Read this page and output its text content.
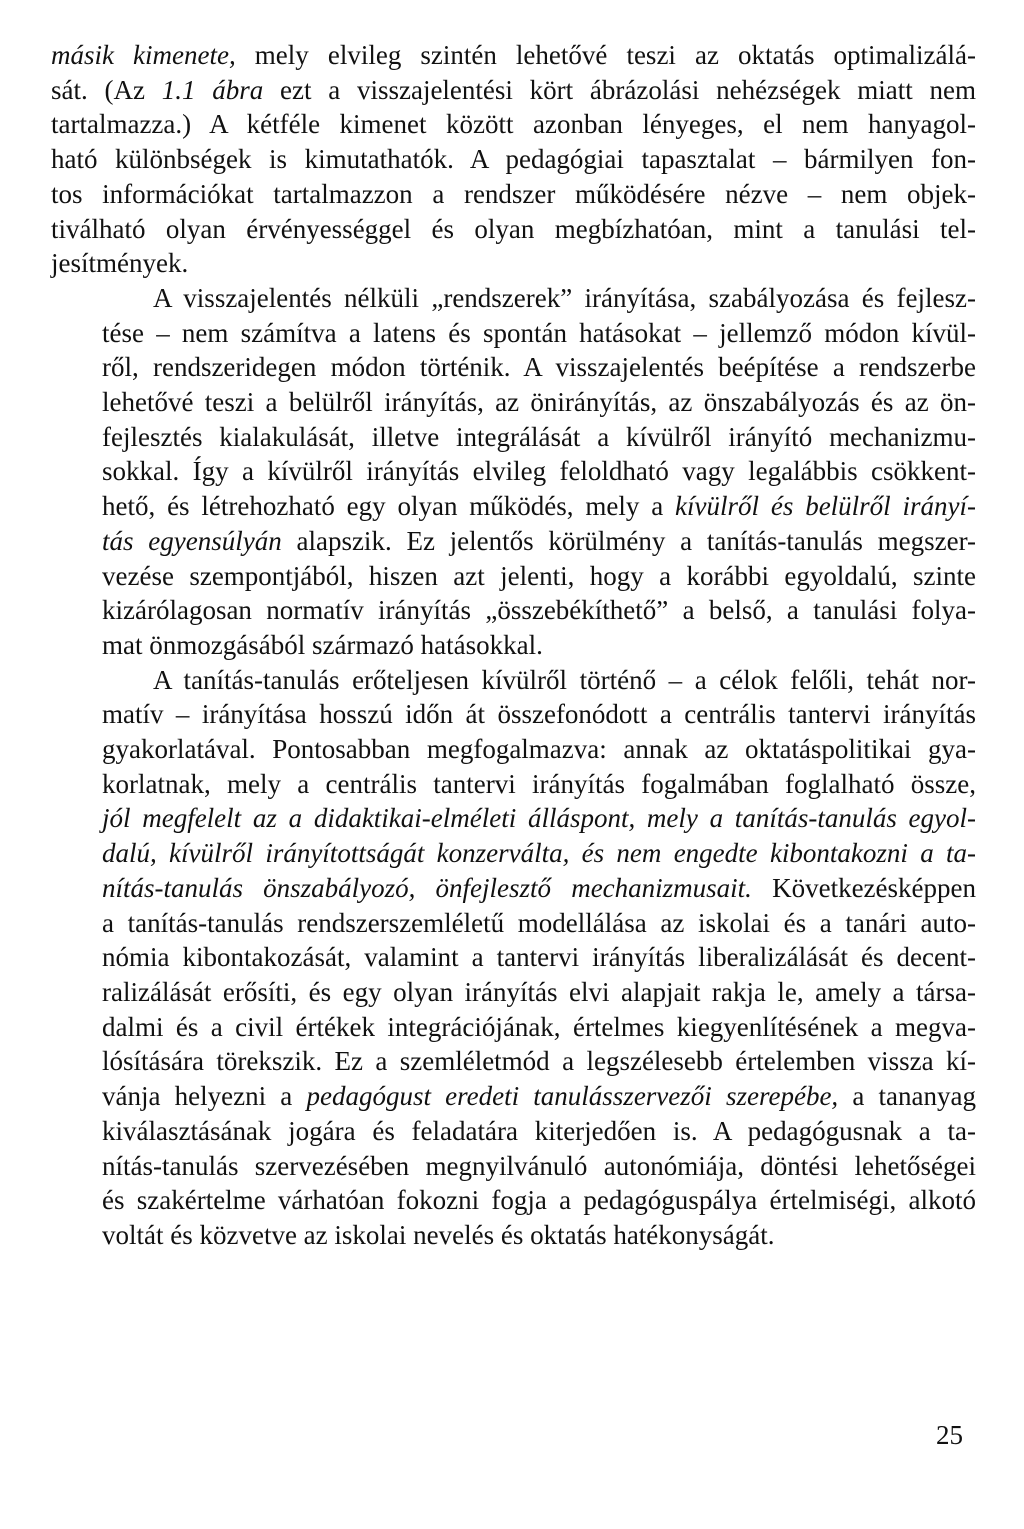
másik kimenete, mely elvileg szintén lehetővé teszi az oktatás optimalizálá-
sát. (Az 1.1 ábra ezt a visszajelentési kört ábrázolási nehézségek miatt nem
tartalmazza.) A kétféle kimenet között azonban lényeges, el nem hanyagol-
ható különbségek is kimutathatók. A pedagógiai tapasztalat – bármilyen fon-
tos információkat tartalmazzon a rendszer működésére nézve – nem objek-
tiválható olyan érvényességgel és olyan megbízhatóan, mint a tanulási tel-
jesítmények.

A visszajelentés nélküli „rendszerek” irányítása, szabályozása és fejlesz-
tése – nem számítva a latens és spontán hatásokat – jellemző módon kívül-
ről, rendszeridegen módon történik. A visszajelentés beépítése a rendszerbe
lehetővé teszi a belülről irányítás, az önirányítás, az önszabályozás és az ön-
fejlesztés kialakulását, illetve integrálását a kívülről irányító mechanizmu-
sokkal. Így a kívülről irányítás elvileg feloldható vagy legalábbis csökkent-
hető, és létrehozható egy olyan működés, mely a kívülről és belülről irányí-
tás egyensúlyán alapszik. Ez jelentős körülmény a tanítás-tanulás megszer-
vezése szempontjából, hiszen azt jelenti, hogy a korábbi egyoldalú, szinte
kizárólagosan normatív irányítás „összebékíthető” a belső, a tanulási folya-
mat önmozgásából származó hatásokkal.

A tanítás-tanulás erőteljesen kívülről történő – a célok felőli, tehát nor-
matív – irányítása hosszú időn át összefonódott a centrális tantervi irányítás
gyakorlatával. Pontosabban megfogalmazva: annak az oktatáspolitikai gya-
korlatnak, mely a centrális tantervi irányítás fogalmában foglalható össze,
jól megfelelt az a didaktikai-elméleti álláspont, mely a tanítás-tanulás egyol-
dalú, kívülről irányítottságát konzerválta, és nem engedte kibontakozni a ta-
nítás-tanulás önszabályozó, önfejlesztő mechanizmusait. Következésképpen
a tanítás-tanulás rendszerszemléletű modellálása az iskolai és a tanári auto-
nómia kibontakozását, valamint a tantervi irányítás liberalizálását és decent-
ralizálását erősíti, és egy olyan irányítás elvi alapjait rakja le, amely a társa-
dalmi és a civil értékek integrációjának, értelmes kiegyenlítésének a megva-
lósítására törekszik. Ez a szemléletmód a legszélesebb értelemben vissza kí-
vánja helyezni a pedagógust eredeti tanulásszervezői szerepébe, a tananyag
kiválasztásának jogára és feladatára kiterjedően is. A pedagógusnak a ta-
nítás-tanulás szervezésében megnyilvánuló autonómiája, döntési lehetőségei
és szakértelme várhatóan fokozni fogja a pedagóguspálya értelmiségi, alkotó
voltát és közvetve az iskolai nevelés és oktatás hatékonyságát.

25
